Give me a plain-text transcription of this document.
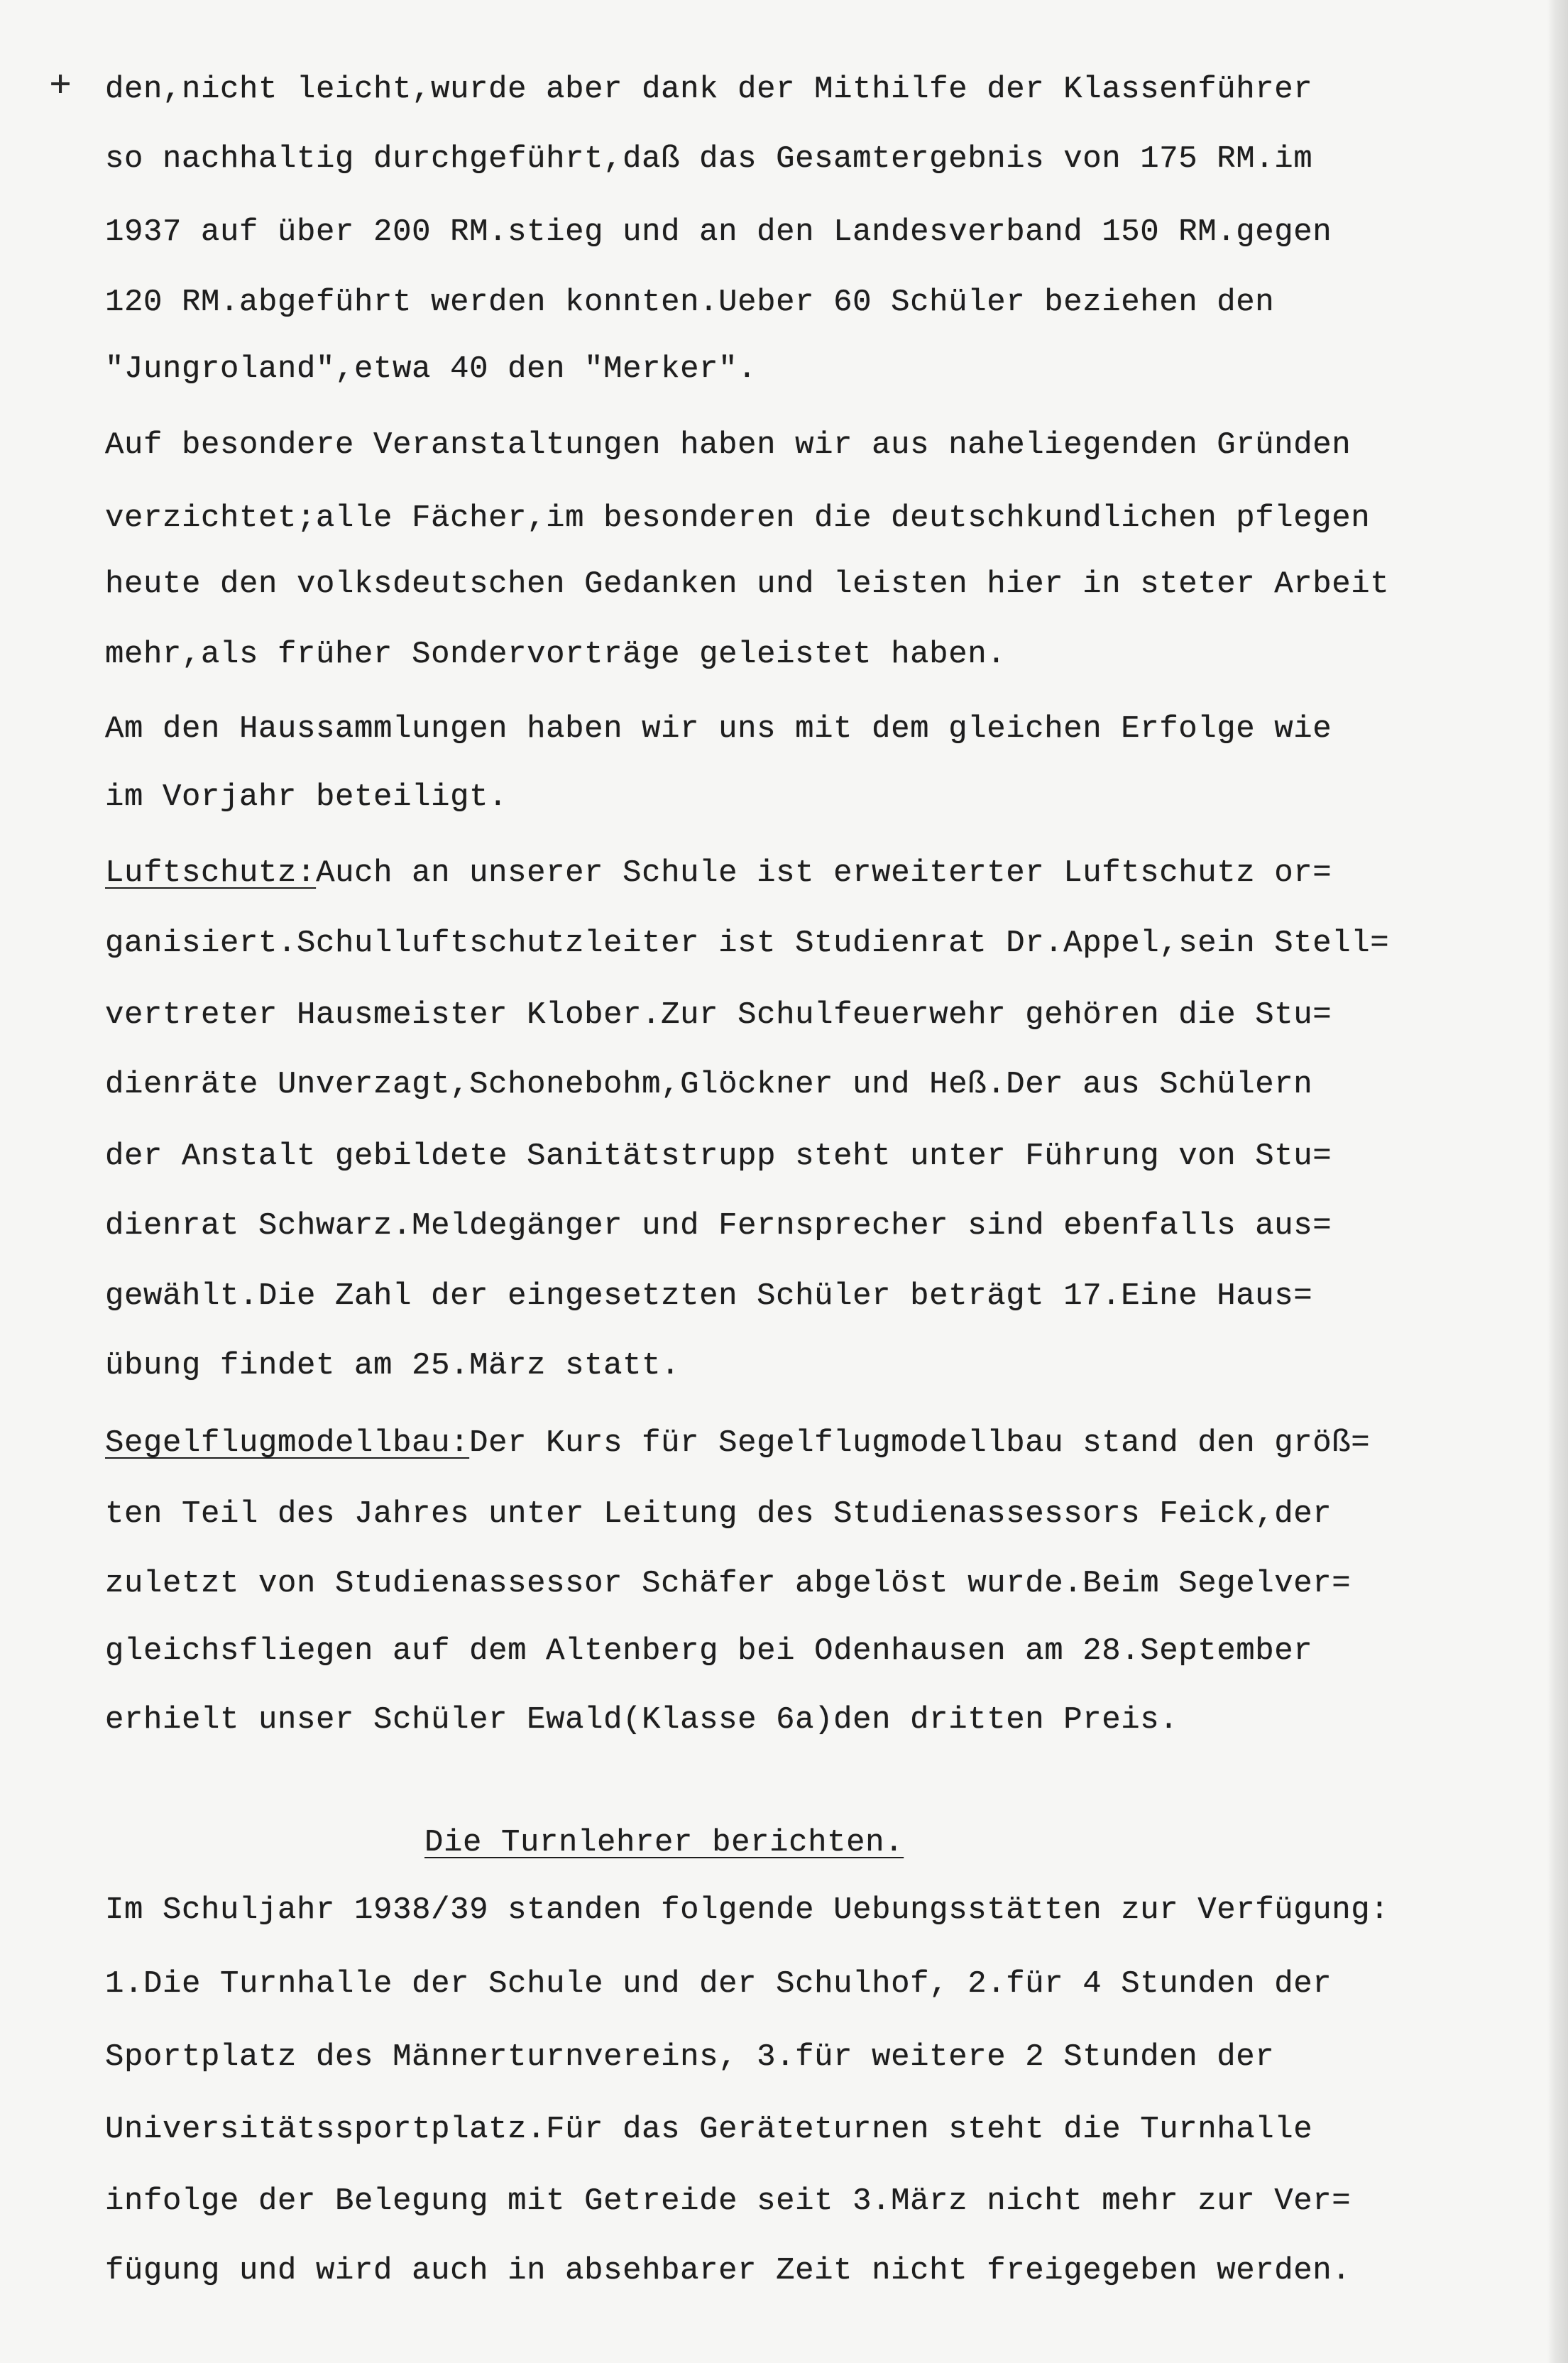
+ den,nicht leicht,wurde aber dank der Mithilfe der Klassenführer
so nachhaltig durchgeführt,daß das Gesamtergebnis von 175 RM.im
1937 auf über 200 RM.stieg und an den Landesverband 150 RM.gegen
120 RM.abgeführt werden konnten.Ueber 60 Schüler beziehen den
"Jungroland",etwa 40 den "Merker".
Auf besondere Veranstaltungen haben wir aus naheliegenden Gründen
verzichtet;alle Fächer,im besonderen die deutschkundlichen pflegen
heute den volksdeutschen Gedanken und leisten hier in steter Arbeit
mehr,als früher Sondervorträge geleistet haben.
Am den Haussammlungen haben wir uns mit dem gleichen Erfolge wie
im Vorjahr beteiligt.
Luftschutz:Auch an unserer Schule ist erweiterter Luftschutz or=
ganisiert.Schulluftschutzleiter ist Studienrat Dr.Appel,sein Stell=
vertreter Hausmeister Klober.Zur Schulfeuerwehr gehören die Stu=
dienräte Unverzagt,Schonebohm,Glöckner und Heß.Der aus Schülern
der Anstalt gebildete Sanitätstrupp steht unter Führung von Stu=
dienrat Schwarz.Meldegänger und Fernsprecher sind ebenfalls aus=
gewählt.Die Zahl der eingesetzten Schüler beträgt 17.Eine Haus=
übung findet am 25.März statt.
Segelflugmodellbau:Der Kurs für Segelflugmodellbau stand den größ=
ten Teil des Jahres unter Leitung des Studienassessors Feick,der
zuletzt von Studienassessor Schäfer abgelöst wurde.Beim Segelver=
gleichsfliegen auf dem Altenberg bei Odenhausen am 28.September
erhielt unser Schüler Ewald(Klasse 6a)den dritten Preis.
Die Turnlehrer berichten.
Im Schuljahr 1938/39 standen folgende Uebungsstätten zur Verfügung:
1.Die Turnhalle der Schule und der Schulhof, 2.für 4 Stunden der
Sportplatz des Männerturnvereins, 3.für weitere 2 Stunden der
Universitätssportplatz.Für das Geräteturnen steht die Turnhalle
infolge der Belegung mit Getreide seit 3.März nicht mehr zur Ver=
fügung und wird auch in absehbarer Zeit nicht freigegeben werden.
